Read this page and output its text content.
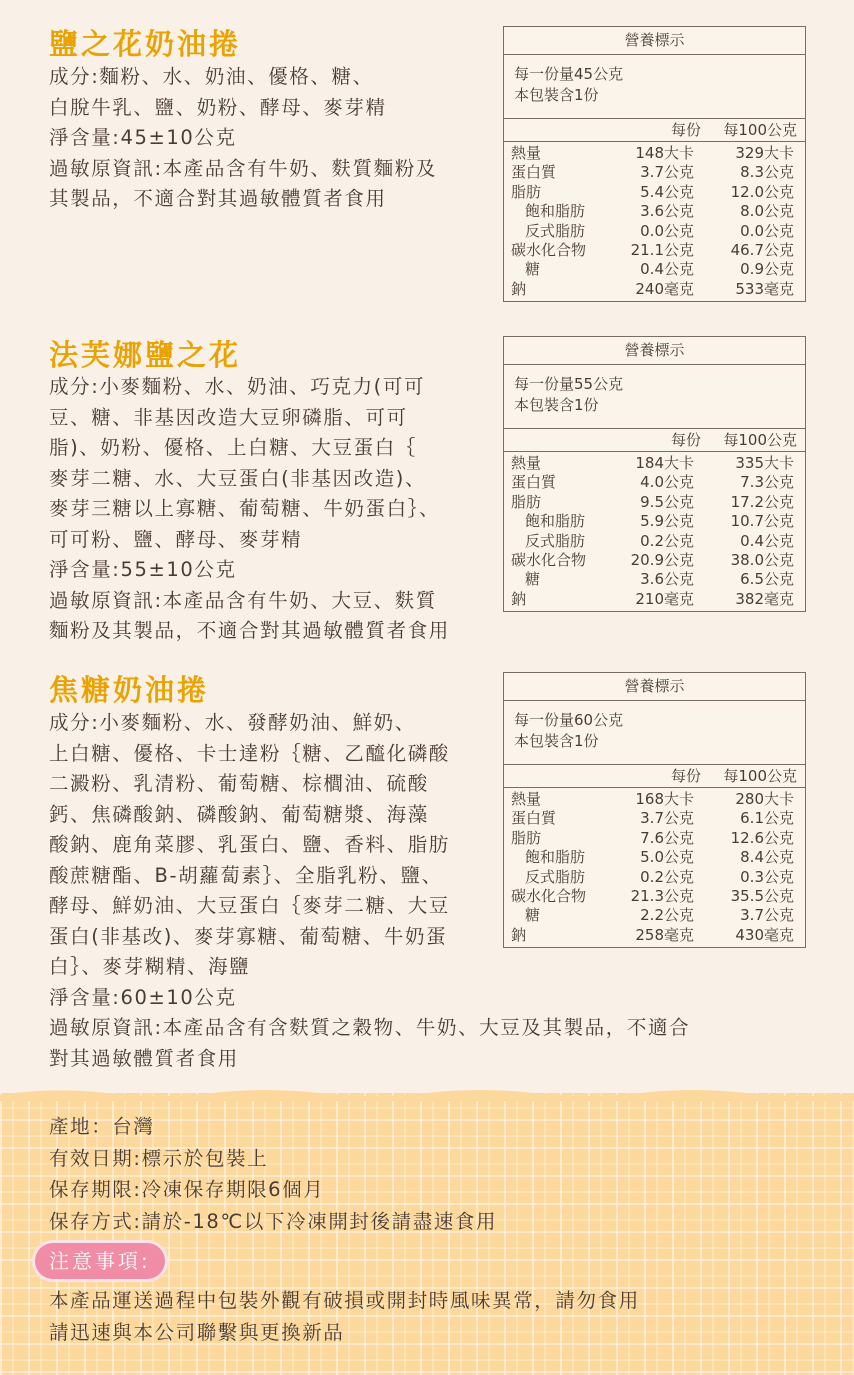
鹽之花奶油捲

成分:麵粉、水、奶油、優格、糖、
白脫牛乳、鹽、奶粉、酵母、麥芽精
淨含量:45±10公克
過敏原資訊:本產品含有牛奶、麩質麵粉及
其製品，不適合對其過敏體質者食用

營養標示
每一份量45公克
本包裝含1份
每份	每100公克
熱量	148大卡	329大卡
蛋白質	3.7公克	8.3公克
脂肪	5.4公克	12.0公克
飽和脂肪	3.6公克	8.0公克
反式脂肪	0.0公克	0.0公克
碳水化合物	21.1公克	46.7公克
糖	0.4公克	0.9公克
鈉	240毫克	533毫克
法芙娜鹽之花

成分:小麥麵粉、水、奶油、巧克力(可可
豆、糖、非基因改造大豆卵磷脂、可可
脂)、奶粉、優格、上白糖、大豆蛋白｛
麥芽二糖、水、大豆蛋白(非基因改造)、
麥芽三糖以上寡糖、葡萄糖、牛奶蛋白｝、
可可粉、鹽、酵母、麥芽精
淨含量:55±10公克
過敏原資訊:本產品含有牛奶、大豆、麩質
麵粉及其製品，不適合對其過敏體質者食用

營養標示
每一份量55公克
本包裝含1份
每份	每100公克
熱量	184大卡	335大卡
蛋白質	4.0公克	7.3公克
脂肪	9.5公克	17.2公克
飽和脂肪	5.9公克	10.7公克
反式脂肪	0.2公克	0.4公克
碳水化合物	20.9公克	38.0公克
糖	3.6公克	6.5公克
鈉	210毫克	382毫克
焦糖奶油捲

成分:小麥麵粉、水、發酵奶油、鮮奶、
上白糖、優格、卡士達粉｛糖、乙醯化磷酸
二澱粉、乳清粉、葡萄糖、棕櫚油、硫酸
鈣、焦磷酸鈉、磷酸鈉、葡萄糖漿、海藻
酸鈉、鹿角菜膠、乳蛋白、鹽、香料、脂肪
酸蔗糖酯、B-胡蘿蔔素｝、全脂乳粉、鹽、
酵母、鮮奶油、大豆蛋白｛麥芽二糖、大豆
蛋白(非基改)、麥芽寡糖、葡萄糖、牛奶蛋
白｝、麥芽糊精、海鹽
淨含量:60±10公克
過敏原資訊:本產品含有含麩質之穀物、牛奶、大豆及其製品，不適合
對其過敏體質者食用

營養標示
每一份量60公克
本包裝含1份
每份	每100公克
熱量	168大卡	280大卡
蛋白質	3.7公克	6.1公克
脂肪	7.6公克	12.6公克
飽和脂肪	5.0公克	8.4公克
反式脂肪	0.2公克	0.3公克
碳水化合物	21.3公克	35.5公克
糖	2.2公克	3.7公克
鈉	258毫克	430毫克
產地：台灣
有效日期:標示於包裝上
保存期限:冷凍保存期限6個月
保存方式:請於-18℃以下冷凍開封後請盡速食用
注意事項:
本產品運送過程中包裝外觀有破損或開封時風味異常，請勿食用
請迅速與本公司聯繫與更換新品
